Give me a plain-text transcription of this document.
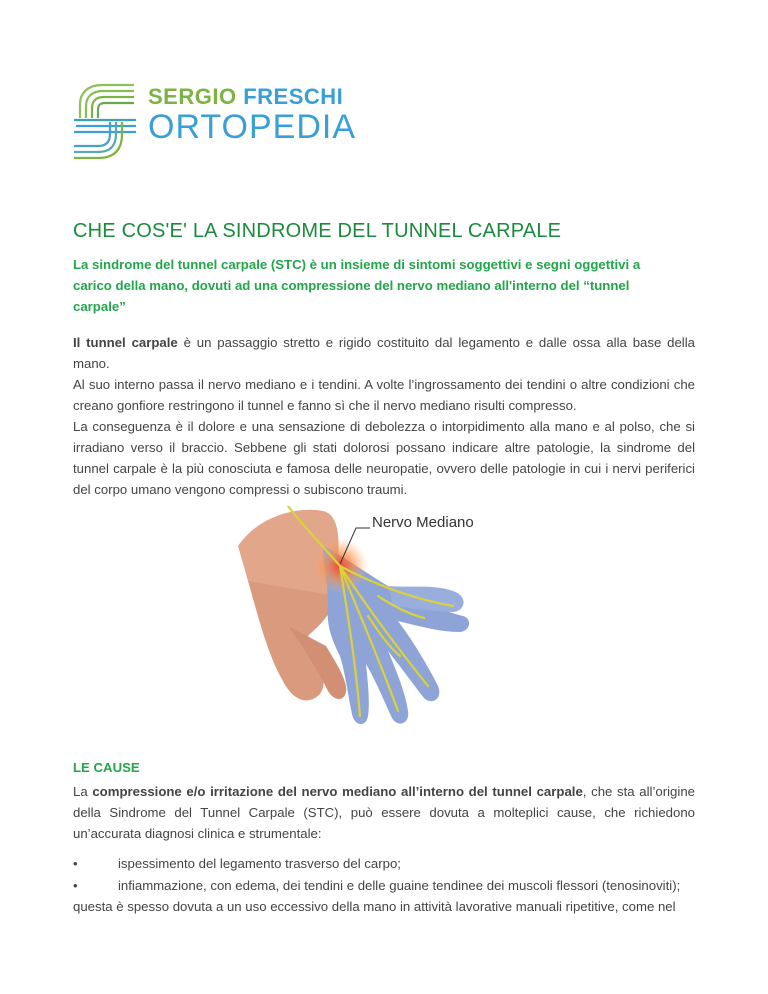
SERGIO FRESCHI
ORTOPEDIA
CHE COS'E' LA SINDROME DEL TUNNEL CARPALE

La sindrome del tunnel carpale (STC) è un insieme di sintomi soggettivi e segni oggettivi a carico della mano, dovuti ad una compressione del nervo mediano all'interno del “tunnel carpale”

Il tunnel carpale è un passaggio stretto e rigido costituito dal legamento e dalle ossa alla base della mano.

Al suo interno passa il nervo mediano e i tendini. A volte l’ingrossamento dei tendini o altre condizioni che creano gonfiore restringono il tunnel e fanno sì che il nervo mediano risulti compresso.

La conseguenza è il dolore e una sensazione di debolezza o intorpidimento alla mano e al polso, che si irradiano verso il braccio. Sebbene gli stati dolorosi possano indicare altre patologie, la sindrome del tunnel carpale è la più conosciuta e famosa delle neuropatie, ovvero delle patologie in cui i nervi periferici del corpo umano vengono compressi o subiscono traumi.

Nervo Mediano
LE CAUSE

La compressione e/o irritazione del nervo mediano all’interno del tunnel carpale, che sta all’origine della Sindrome del Tunnel Carpale (STC), può essere dovuta a molteplici cause, che richiedono un’accurata diagnosi clinica e strumentale:

•	ispessimento del legamento trasverso del carpo;
•	infiammazione, con edema, dei tendini e delle guaine tendinee dei muscoli flessori (tenosinoviti);

questa è spesso dovuta a un uso eccessivo della mano in attività lavorative manuali ripetitive, come nel
